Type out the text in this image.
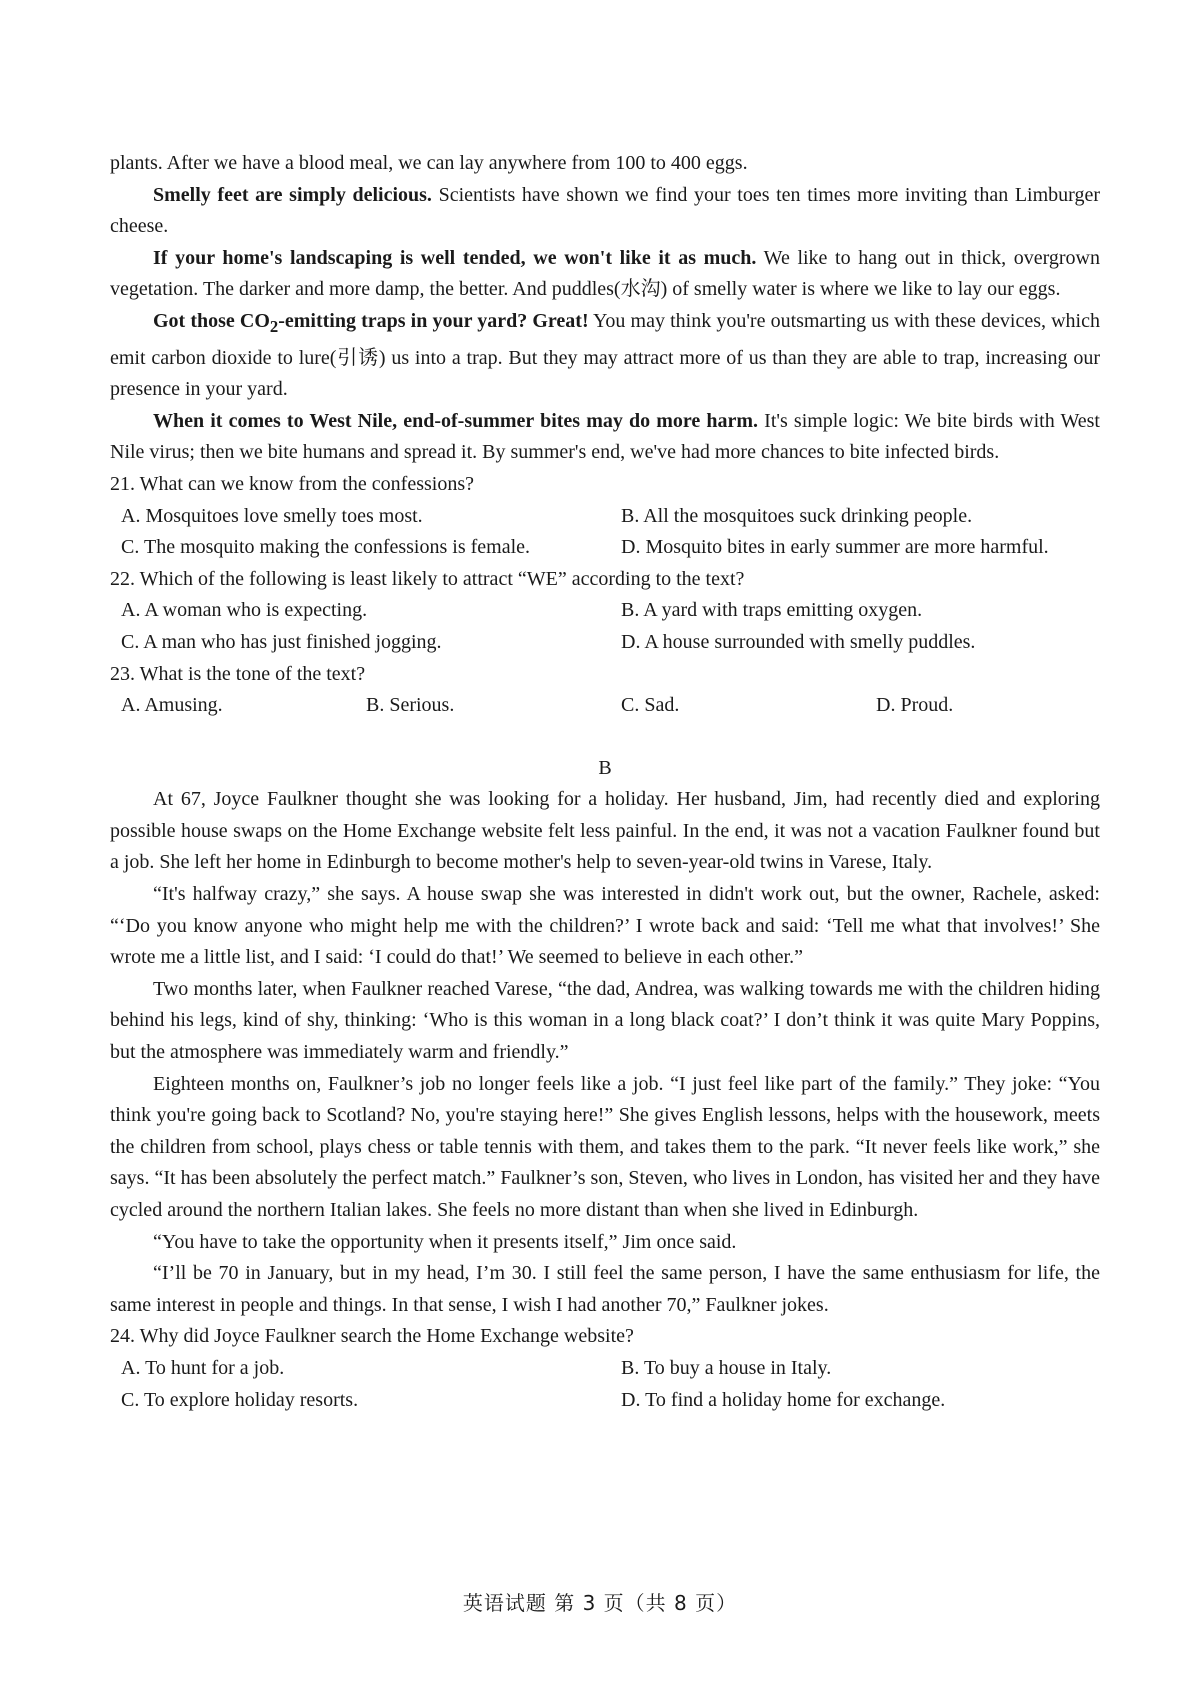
plants. After we have a blood meal, we can lay anywhere from 100 to 400 eggs.

Smelly feet are simply delicious. Scientists have shown we find your toes ten times more inviting than Limburger cheese.

If your home's landscaping is well tended, we won't like it as much. We like to hang out in thick, overgrown vegetation. The darker and more damp, the better. And puddles(水沟) of smelly water is where we like to lay our eggs.

Got those $CO_2$-emitting traps in your yard? Great! You may think you're outsmarting us with these devices, which emit carbon dioxide to lure(引诱) us into a trap. But they may attract more of us than they are able to trap, increasing our presence in your yard.

When it comes to West Nile, end-of-summer bites may do more harm. It's simple logic: We bite birds with West Nile virus; then we bite humans and spread it. By summer's end, we've had more chances to bite infected birds.

21. What can we know from the confessions?
A. Mosquitoes love smelly toes most.	B. All the mosquitoes suck drinking people.
C. The mosquito making the confessions is female.	D. Mosquito bites in early summer are more harmful.
22. Which of the following is least likely to attract “WE” according to the text?
A. A woman who is expecting.	B. A yard with traps emitting oxygen.
C. A man who has just finished jogging.	D. A house surrounded with smelly puddles.
23. What is the tone of the text?
A. Amusing.	B. Serious.	C. Sad.	D. Proud.
B

At 67, Joyce Faulkner thought she was looking for a holiday. Her husband, Jim, had recently died and exploring possible house swaps on the Home Exchange website felt less painful. In the end, it was not a vacation Faulkner found but a job. She left her home in Edinburgh to become mother's help to seven-year-old twins in Varese, Italy.

“It's halfway crazy,” she says. A house swap she was interested in didn't work out, but the owner, Rachele, asked: “‘Do you know anyone who might help me with the children?’ I wrote back and said: ‘Tell me what that involves!’ She wrote me a little list, and I said: ‘I could do that!’ We seemed to believe in each other.”

Two months later, when Faulkner reached Varese, “the dad, Andrea, was walking towards me with the children hiding behind his legs, kind of shy, thinking: ‘Who is this woman in a long black coat?’ I don’t think it was quite Mary Poppins, but the atmosphere was immediately warm and friendly.”

Eighteen months on, Faulkner’s job no longer feels like a job. “I just feel like part of the family.” They joke: “You think you're going back to Scotland? No, you're staying here!” She gives English lessons, helps with the housework, meets the children from school, plays chess or table tennis with them, and takes them to the park. “It never feels like work,” she says. “It has been absolutely the perfect match.” Faulkner’s son, Steven, who lives in London, has visited her and they have cycled around the northern Italian lakes. She feels no more distant than when she lived in Edinburgh.

“You have to take the opportunity when it presents itself,” Jim once said.

“I’ll be 70 in January, but in my head, I’m 30. I still feel the same person, I have the same enthusiasm for life, the same interest in people and things. In that sense, I wish I had another 70,” Faulkner jokes.

24. Why did Joyce Faulkner search the Home Exchange website?
A. To hunt for a job.	B. To buy a house in Italy.
C. To explore holiday resorts.	D. To find a holiday home for exchange.
英语试题 第 3 页（共 8 页）
